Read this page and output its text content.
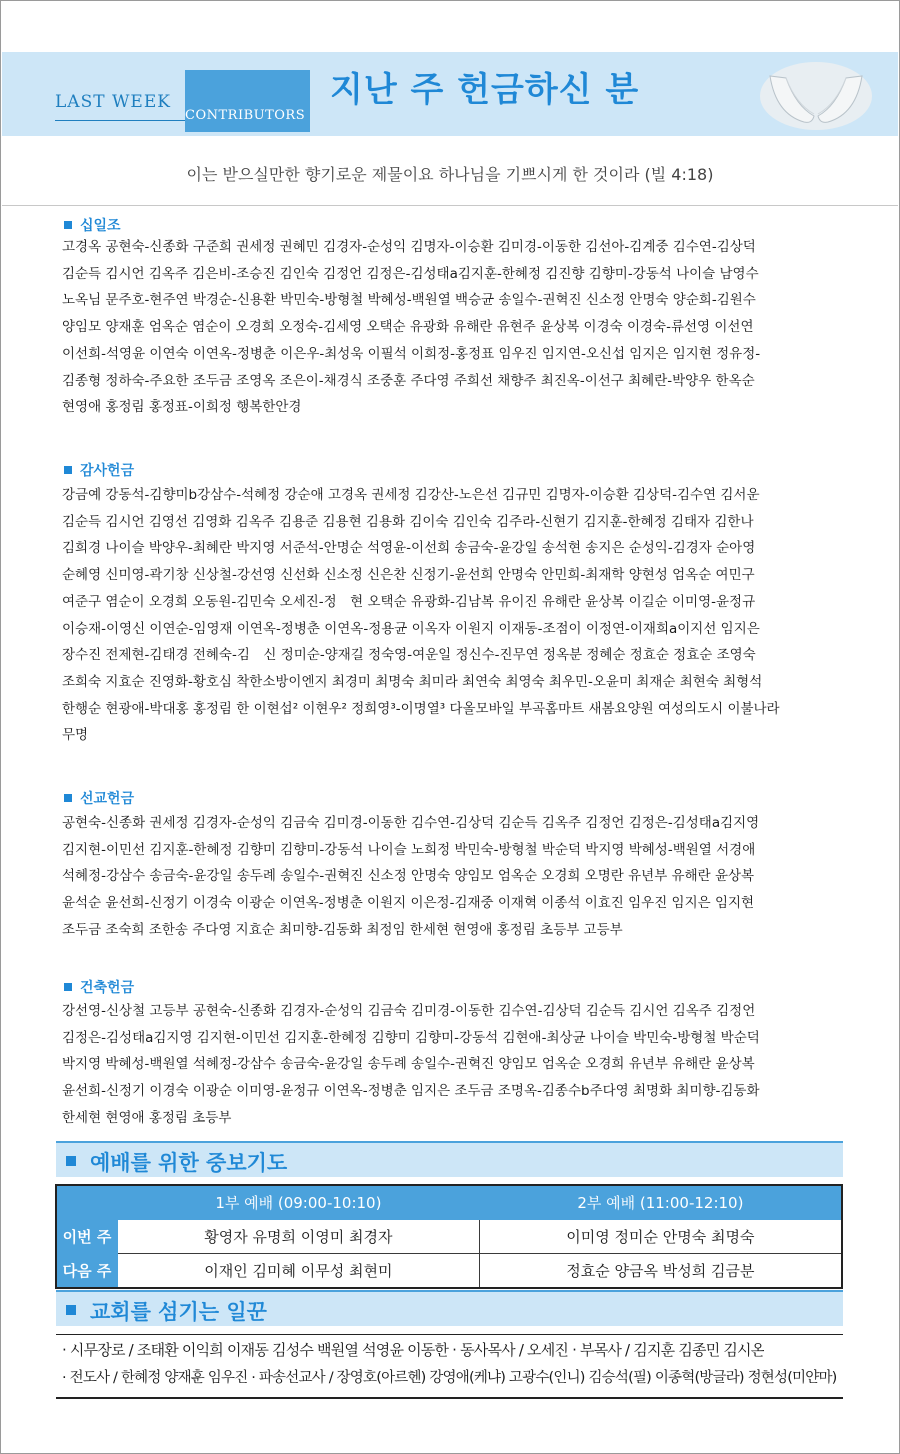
LAST WEEK
CONTRIBUTORS
지난 주 헌금하신 분
이는 받으실만한 향기로운 제물이요 하나님을 기쁘시게 한 것이라 (빌 4:18)
십일조
고경옥 공현숙-신종화 구준희 권세정 권혜민 김경자-순성익 김명자-이승환 김미경-이동한 김선아-김계중 김수연-김상덕
김순득 김시언 김옥주 김은비-조승진 김인숙 김정언 김정은-김성태a김지훈-한혜정 김진향 김향미-강동석 나이슬 남영수
노옥님 문주호-현주연 박경순-신용환 박민숙-방형철 박혜성-백원열 백승균 송일수-권혁진 신소정 안명숙 양순희-김원수
양임모 양재훈 엄옥순 염순이 오경희 오정숙-김세영 오택순 유광화 유해란 유현주 윤상복 이경숙 이경숙-류선영 이선연
이선희-석영윤 이연숙 이연옥-정병춘 이은우-최성욱 이필석 이희정-홍정표 임우진 임지연-오신섭 임지은 임지현 정유정-
김종형 정하숙-주요한 조두금 조영옥 조은이-채경식 조중훈 주다영 주희선 채향주 최진옥-이선구 최혜란-박양우 한옥순
현영애 홍정림 홍정표-이희정 행복한안경
감사헌금
강금예 강동석-김향미b강삼수-석혜정 강순애 고경옥 권세정 김강산-노은선 김규민 김명자-이승환 김상덕-김수연 김서운
김순득 김시언 김영선 김영화 김옥주 김용준 김용현 김용화 김이숙 김인숙 김주라-신현기 김지훈-한혜정 김태자 김한나
김희경 나이슬 박양우-최혜란 박지영 서준석-안명순 석영윤-이선희 송금숙-윤강일 송석현 송지은 순성익-김경자 순아영
순혜영 신미영-곽기창 신상철-강선영 신선화 신소정 신은찬 신정기-윤선희 안명숙 안민희-최재학 양현성 엄옥순 여민구
여준구 염순이 오경희 오동원-김민숙 오세진-정　현 오택순 유광화-김남복 유이진 유해란 윤상복 이길순 이미영-윤정규
이승재-이영신 이연순-임영재 이연옥-정병춘 이연옥-정용균 이옥자 이원지 이재동-조점이 이정연-이재희a이지선 임지은
장수진 전제현-김태경 전혜숙-김　신 정미순-양재길 정숙영-여운일 정신수-진무연 정옥분 정혜순 정효순 정효순 조영숙
조희숙 지효순 진영화-황호심 착한소방이엔지 최경미 최명숙 최미라 최연숙 최영숙 최우민-오윤미 최재순 최현숙 최형석
한행순 현광애-박대홍 홍정림 한 이현섭² 이현우² 정희영³-이명열³ 다올모바일 부곡홈마트 새봄요양원 여성의도시 이불나라
무명
선교헌금
공현숙-신종화 권세정 김경자-순성익 김금숙 김미경-이동한 김수연-김상덕 김순득 김옥주 김정언 김정은-김성태a김지영
김지현-이민선 김지훈-한혜정 김향미 김향미-강동석 나이슬 노희정 박민숙-방형철 박순덕 박지영 박혜성-백원열 서경애
석혜정-강삼수 송금숙-윤강일 송두례 송일수-권혁진 신소정 안명숙 양임모 엄옥순 오경희 오명란 유년부 유해란 윤상복
윤석순 윤선희-신정기 이경숙 이광순 이연옥-정병춘 이원지 이은정-김재중 이재혁 이종석 이효진 임우진 임지은 임지현
조두금 조숙희 조한송 주다영 지효순 최미향-김동화 최정임 한세현 현영애 홍정림 초등부 고등부
건축헌금
강선영-신상철 고등부 공현숙-신종화 김경자-순성익 김금숙 김미경-이동한 김수연-김상덕 김순득 김시언 김옥주 김정언
김정은-김성태a김지영 김지현-이민선 김지훈-한혜정 김향미 김향미-강동석 김현애-최상균 나이슬 박민숙-방형철 박순덕
박지영 박혜성-백원열 석혜정-강삼수 송금숙-윤강일 송두례 송일수-권혁진 양임모 엄옥순 오경희 유년부 유해란 윤상복
윤선희-신정기 이경숙 이광순 이미영-윤정규 이연옥-정병춘 임지은 조두금 조명옥-김종수b주다영 최명화 최미향-김동화
한세현 현영애 홍정림 초등부
예배를 위한 중보기도
	1부 예배 (09:00-10:10)	2부 예배 (11:00-12:10)
이번 주	황영자 유명희 이영미 최경자	이미영 정미순 안명숙 최명숙
다음 주	이재인 김미혜 이무성 최현미	정효순 양금옥 박성희 김금분
교회를 섬기는 일꾼
· 시무장로 / 조태환 이익희 이재동 김성수 백원열 석영윤 이동한 · 동사목사 / 오세진 · 부목사 / 김지훈 김종민 김시온
· 전도사 / 한혜정 양재훈 임우진 · 파송선교사 / 장영호(아르헨) 강영애(케냐) 고광수(인니) 김승석(필) 이종혁(방글라) 정현성(미얀마)
